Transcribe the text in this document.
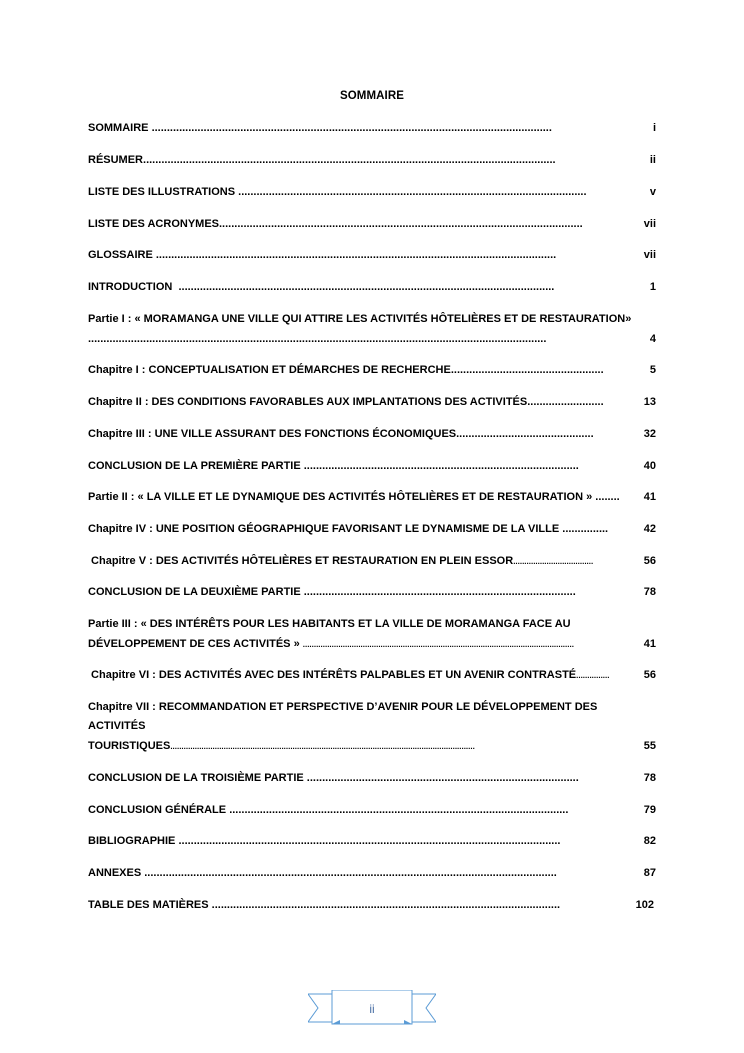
SOMMAIRE
SOMMAIRE ...................................................................................................................................	i
RÉSUMER.......................................................................................................................................	ii
LISTE DES ILLUSTRATIONS ..................................................................................................................	v
LISTE DES ACRONYMES.......................................................................................................................	vii
GLOSSAIRE ...................................................................................................................................	vii
INTRODUCTION  ...........................................................................................................................	1
Partie I : « MORAMANGA UNE VILLE QUI ATTIRE LES ACTIVITÉS HÔTELIÈRES ET DE RESTAURATION»
......................................................................................................................................................	4
Chapitre I : CONCEPTUALISATION ET DÉMARCHES DE RECHERCHE..................................................	5
Chapitre II : DES CONDITIONS FAVORABLES AUX IMPLANTATIONS DES ACTIVITÉS.........................	13
Chapitre III : UNE VILLE ASSURANT DES FONCTIONS ÉCONOMIQUES.............................................	32
CONCLUSION DE LA PREMIÈRE PARTIE ..........................................................................................	40
Partie II : « LA VILLE ET LE DYNAMIQUE DES ACTIVITÉS HÔTELIÈRES ET DE RESTAURATION » ........ 41
Chapitre IV : UNE POSITION GÉOGRAPHIQUE FAVORISANT LE DYNAMISME DE LA VILLE ...............	42
Chapitre V : DES ACTIVITÉS HÔTELIÈRES ET RESTAURATION EN PLEIN ESSOR....................................	56
CONCLUSION DE LA DEUXIÈME PARTIE .........................................................................................	78
Partie III : « DES INTÉRÊTS POUR LES HABITANTS ET LA VILLE DE MORAMANGA FACE AU
DÉVELOPPEMENT DE CES ACTIVITÉS » ..........................................................................................................................	41
Chapitre VI : DES ACTIVITÉS AVEC DES INTÉRÊTS PALPABLES ET UN AVENIR CONTRASTÉ...............	56
Chapitre VII : RECOMMANDATION ET PERSPECTIVE D’AVENIR POUR LE DÉVELOPPEMENT DES
ACTIVITÉS
TOURISTIQUES.........................................................................................................................................	55
CONCLUSION DE LA TROISIÈME PARTIE .........................................................................................	78
CONCLUSION GÉNÉRALE ...............................................................................................................	79
BIBLIOGRAPHIE .............................................................................................................................	82
ANNEXES .......................................................................................................................................	87
TABLE DES MATIÈRES ..................................................................................................................	102
ii
